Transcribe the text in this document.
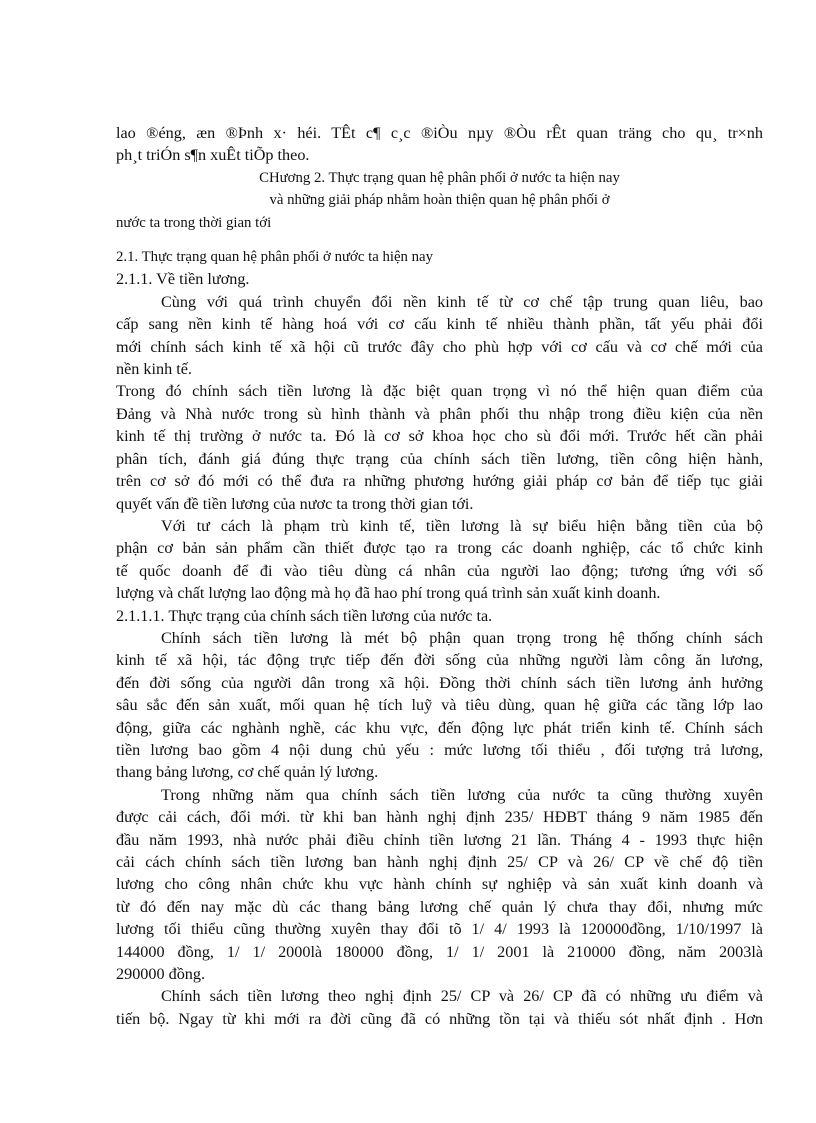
lao ®éng, æn ®Þnh x· héi. TÊt c¶ c¸c ®iÒu nµy ®Òu rÊt quan träng cho qu¸ tr×nh
ph¸t triÓn s¶n xuÊt tiÕp theo.
CHương 2. Thực trạng quan hệ phân phối ở nước ta hiện nay
và những giải pháp nhằm hoàn thiện quan hệ phân phối ở
nước ta trong thời gian tới
2.1. Thực trạng quan hệ phân phối ở nước ta hiện nay
2.1.1. Về tiền lương.
Cùng với quá trình chuyển đổi nền kinh tế từ cơ chế tập trung quan liêu, bao
cấp sang nền kinh tế hàng hoá với cơ cấu kinh tế nhiều thành phần, tất yếu phải đổi
mới chính sách kinh tế xã hội cũ trước đây cho phù hợp với cơ cấu và cơ chế mới của
nền kinh tế.
Trong đó chính sách tiền lương là đặc biệt quan trọng vì nó thể hiện quan điểm của
Đảng và Nhà nước trong sù hình thành và phân phối thu nhập trong điều kiện của nền
kinh tế thị trường ở nước ta. Đó là cơ sở khoa học cho sù đổi mới. Trước hết cần phải
phân tích, đánh giá đúng thực trạng của chính sách tiền lương, tiền công hiện hành,
trên cơ sở đó mới có thể đưa ra những phương hướng giải pháp cơ bản để tiếp tục giải
quyết vấn đề tiền lương của nươc ta trong thời gian tới.
Với tư cách là phạm trù kinh tế, tiền lương là sự biểu hiện bằng tiền của bộ
phận cơ bản sản phẩm cần thiết được tạo ra trong các doanh nghiệp, các tổ chức kinh
tế quốc doanh để đi vào tiêu dùng cá nhân của người lao động; tương ứng với số
lượng và chất lượng lao động mà họ đã hao phí trong quá trình sản xuất kinh doanh.
2.1.1.1. Thực trạng của chính sách tiền lương của nước ta.
Chính sách tiền lương là mét bộ phận quan trọng trong hệ thống chính sách
kinh tế xã hội, tác động trực tiếp đến đời sống của những người làm công ăn lương,
đến đời sống của người dân trong xã hội. Đồng thời chính sách tiền lương ảnh hưởng
sâu sắc đến sản xuất, mối quan hệ tích luỹ và tiêu dùng, quan hệ giữa các tầng lớp lao
động, giữa các nghành nghề, các khu vực, đến động lực phát triển kinh tế. Chính sách
tiền lương bao gồm 4 nội dung chủ yếu : mức lương tối thiểu , đối tượng trả lương,
thang bảng lương, cơ chế quản lý lương.
Trong những năm qua chính sách tiền lương của nước ta cũng thường xuyên
được cải cách, đổi mới. từ khi ban hành nghị định 235/ HĐBT tháng 9 năm 1985 đến
đầu năm 1993, nhà nước phải điều chỉnh tiền lương 21 lần. Tháng 4 - 1993 thực hiện
cải cách chính sách tiền lương ban hành nghị định 25/ CP và 26/ CP về chế độ tiền
lương cho công nhân chức khu vực hành chính sự nghiệp và sản xuất kinh doanh và
từ đó đến nay mặc dù các thang bảng lương chế quản lý chưa thay đổi, nhưng mức
lương tối thiểu cũng thường xuyên thay đổi tõ 1/ 4/ 1993 là 120000đồng, 1/10/1997 là
144000 đồng, 1/ 1/ 2000là 180000 đồng, 1/ 1/ 2001 là 210000 đồng, năm 2003là
290000 đồng.
Chính sách tiền lương theo nghị định 25/ CP và 26/ CP đã có những ưu điểm và
tiến bộ. Ngay từ khi mới ra đời cũng đã có những tồn tại và thiếu sót nhất định . Hơn
